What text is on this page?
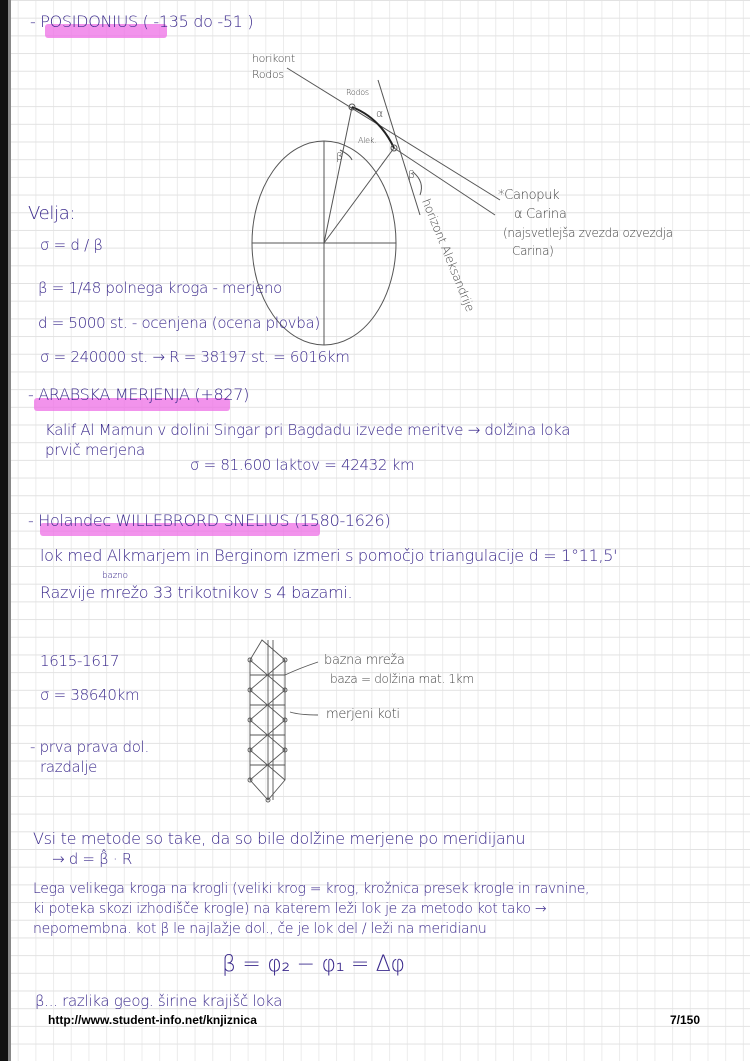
- POSIDONIUS ( -135 do -51 )
horikont
Rodos
Rodos
α
Alek.
β
β
*Canopuk
α Carina
(najsvetlejša zvezda ozvezdja
Carina)
horizont Aleksandrije
Velja:
σ = d / β
β = 1/48 polnega kroga - merjeno
d = 5000 st. - ocenjena (ocena plovba)
σ = 240000 st. → R = 38197 st. = 6016km
- ARABSKA MERJENJA (+827)
Kalif Al Mamun v dolini Singar pri Bagdadu izvede meritve → dolžina loka
prvič merjena
σ = 81.600 laktov = 42432 km
- Holandec WILLEBRORD SNELIUS (1580-1626)
lok med Alkmarjem in Berginom izmeri s pomočjo triangulacije d = 1°11,5'
bazno
Razvije mrežo 33 trikotnikov s 4 bazami.
1615-1617
σ = 38640km
- prva prava dol.
razdalje
bazna mreža
baza = dolžina mat. 1km
merjeni koti
Vsi te metode so take, da so bile dolžine merjene po meridijanu
→ d = β̂ · R
Lega velikega kroga na krogli (veliki krog = krog, krožnica presek krogle in ravnine,
ki poteka skozi izhodišče krogle) na katerem leži lok je za metodo kot tako →
nepomembna. kot β le najlažje dol., če je lok del / leži na meridianu
β = φ₂ − φ₁ = Δφ
β... razlika geog. širine krajišč loka
http://www.student-info.net/knjiznica	7/150
